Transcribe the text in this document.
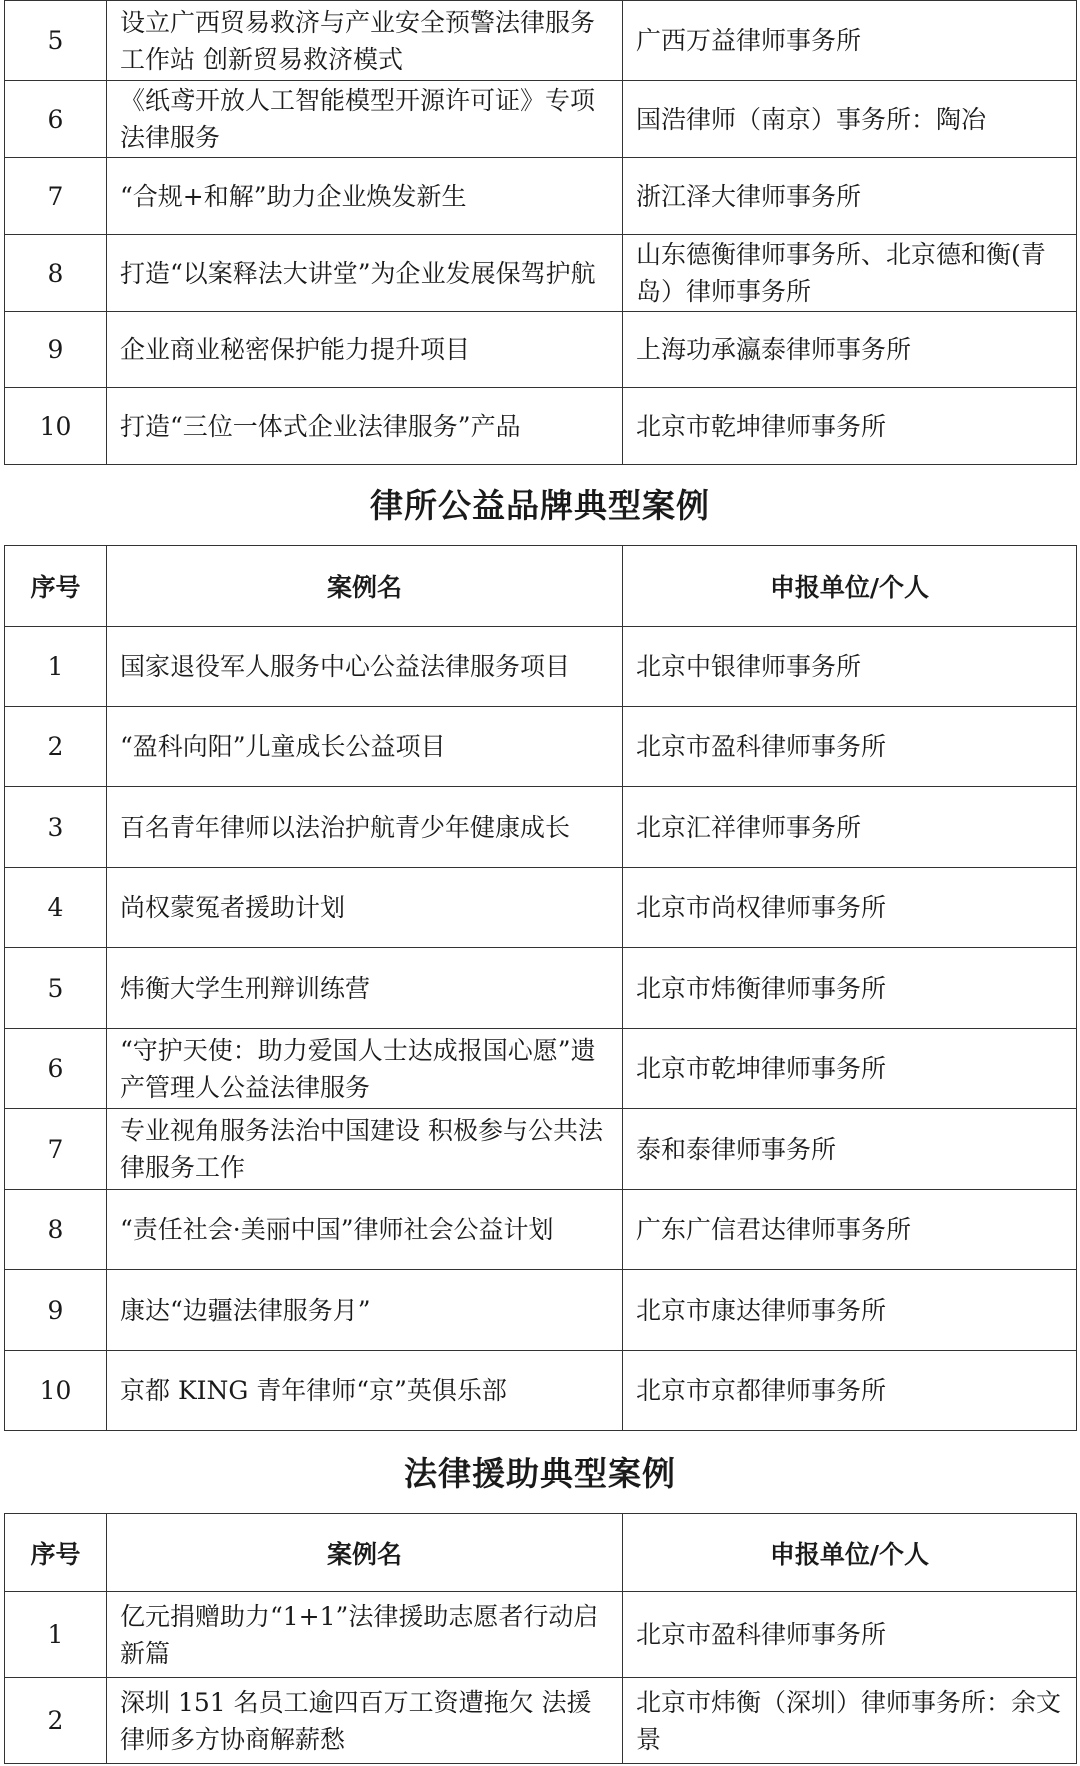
5	设立广西贸易救济与产业安全预警法律服务工作站 创新贸易救济模式	广西万益律师事务所
6	《纸鸢开放人工智能模型开源许可证》专项法律服务	国浩律师（南京）事务所：陶冶
7	“合规+和解”助力企业焕发新生	浙江泽大律师事务所
8	打造“以案释法大讲堂”为企业发展保驾护航	山东德衡律师事务所、北京德和衡(青岛）律师事务所
9	企业商业秘密保护能力提升项目	上海功承瀛泰律师事务所
10	打造“三位一体式企业法律服务”产品	北京市乾坤律师事务所
律所公益品牌典型案例
序号	案例名	申报单位/个人
1	国家退役军人服务中心公益法律服务项目	北京中银律师事务所
2	“盈科向阳”儿童成长公益项目	北京市盈科律师事务所
3	百名青年律师以法治护航青少年健康成长	北京汇祥律师事务所
4	尚权蒙冤者援助计划	北京市尚权律师事务所
5	炜衡大学生刑辩训练营	北京市炜衡律师事务所
6	“守护天使：助力爱国人士达成报国心愿”遗产管理人公益法律服务	北京市乾坤律师事务所
7	专业视角服务法治中国建设 积极参与公共法律服务工作	泰和泰律师事务所
8	“责任社会·美丽中国”律师社会公益计划	广东广信君达律师事务所
9	康达“边疆法律服务月”	北京市康达律师事务所
10	京都 KING 青年律师“京”英俱乐部	北京市京都律师事务所
法律援助典型案例
序号	案例名	申报单位/个人
1	亿元捐赠助力“1+1”法律援助志愿者行动启新篇	北京市盈科律师事务所
2	深圳 151 名员工逾四百万工资遭拖欠 法援律师多方协商解薪愁	北京市炜衡（深圳）律师事务所：余文景
